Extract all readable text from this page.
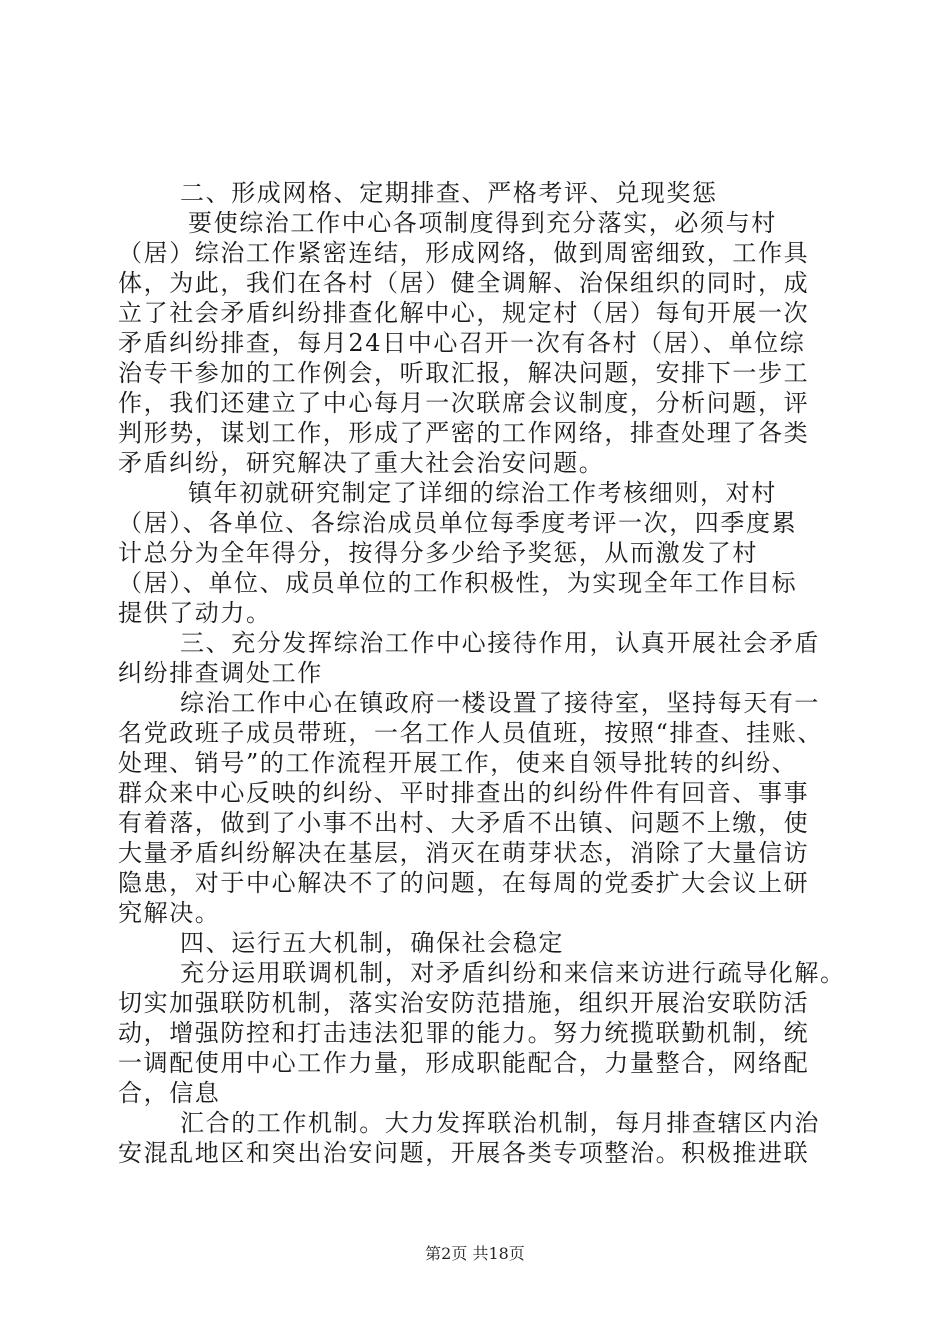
二、形成网格、定期排查、严格考评、兑现奖惩
要使综治工作中心各项制度得到充分落实，必须与村
（居）综治工作紧密连结，形成网络，做到周密细致，工作具
体，为此，我们在各村（居）健全调解、治保组织的同时，成
立了社会矛盾纠纷排查化解中心，规定村（居）每旬开展一次
矛盾纠纷排查，每月24日中心召开一次有各村（居）、单位综
治专干参加的工作例会，听取汇报，解决问题，安排下一步工
作，我们还建立了中心每月一次联席会议制度，分析问题，评
判形势，谋划工作，形成了严密的工作网络，排查处理了各类
矛盾纠纷，研究解决了重大社会治安问题。
镇年初就研究制定了详细的综治工作考核细则，对村
（居）、各单位、各综治成员单位每季度考评一次，四季度累
计总分为全年得分，按得分多少给予奖惩，从而激发了村
（居）、单位、成员单位的工作积极性，为实现全年工作目标
提供了动力。
三、充分发挥综治工作中心接待作用，认真开展社会矛盾
纠纷排查调处工作
综治工作中心在镇政府一楼设置了接待室，坚持每天有一
名党政班子成员带班，一名工作人员值班，按照“排查、挂账、
处理、销号”的工作流程开展工作，使来自领导批转的纠纷、
群众来中心反映的纠纷、平时排查出的纠纷件件有回音、事事
有着落，做到了小事不出村、大矛盾不出镇、问题不上缴，使
大量矛盾纠纷解决在基层，消灭在萌芽状态，消除了大量信访
隐患，对于中心解决不了的问题，在每周的党委扩大会议上研
究解决。
四、运行五大机制，确保社会稳定
充分运用联调机制，对矛盾纠纷和来信来访进行疏导化解。
切实加强联防机制，落实治安防范措施，组织开展治安联防活
动，增强防控和打击违法犯罪的能力。努力统揽联勤机制，统
一调配使用中心工作力量，形成职能配合，力量整合，网络配
合，信息
汇合的工作机制。大力发挥联治机制，每月排查辖区内治
安混乱地区和突出治安问题，开展各类专项整治。积极推进联
第2页 共18页
